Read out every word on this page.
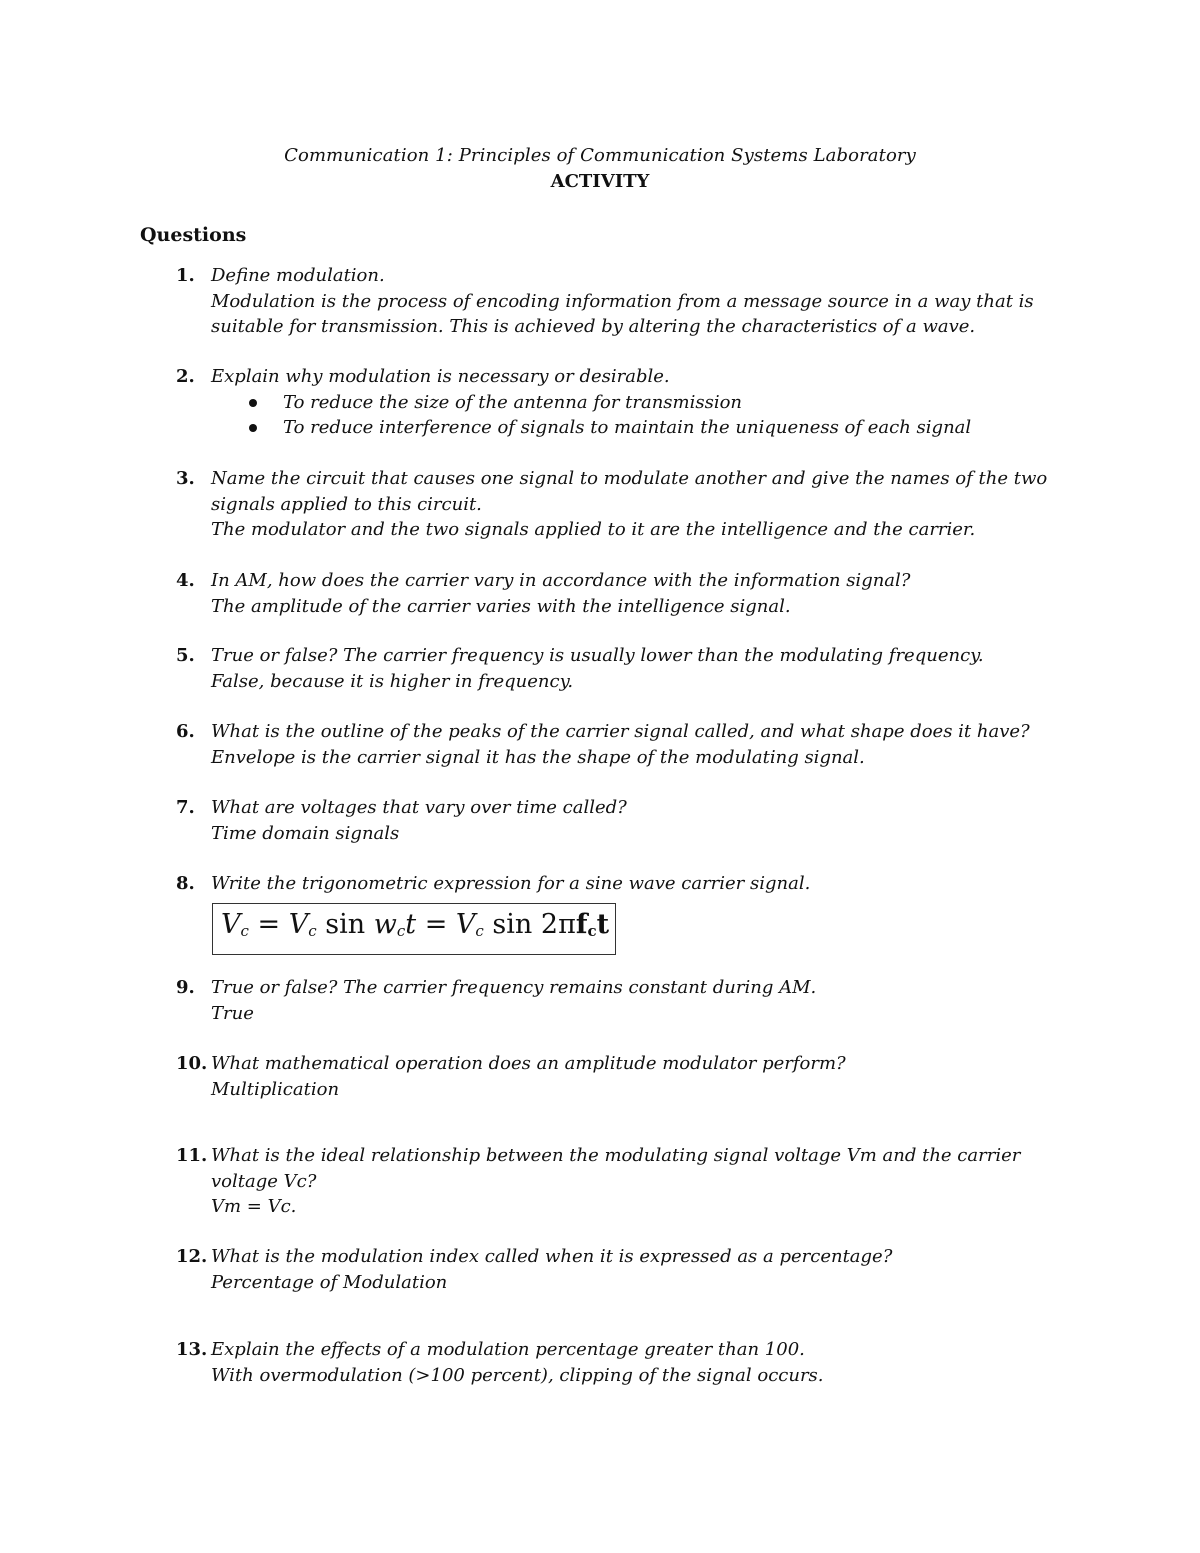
Communication 1: Principles of Communication Systems Laboratory
ACTIVITY
Questions
1. Define modulation.
Modulation is the process of encoding information from a message source in a way that is
suitable for transmission. This is achieved by altering the characteristics of a wave.
2. Explain why modulation is necessary or desirable.
To reduce the size of the antenna for transmission
To reduce interference of signals to maintain the uniqueness of each signal
3. Name the circuit that causes one signal to modulate another and give the names of the two
signals applied to this circuit.
The modulator and the two signals applied to it are the intelligence and the carrier.
4. In AM, how does the carrier vary in accordance with the information signal?
The amplitude of the carrier varies with the intelligence signal.
5. True or false? The carrier frequency is usually lower than the modulating frequency.
False, because it is higher in frequency.
6. What is the outline of the peaks of the carrier signal called, and what shape does it have?
Envelope is the carrier signal it has the shape of the modulating signal.
7. What are voltages that vary over time called?
Time domain signals
8. Write the trigonometric expression for a sine wave carrier signal.
$V_c = V_c$ $\sin w_ct = V_c$ $\sin 2\pi f_ct$
9. True or false? The carrier frequency remains constant during AM.
True
10. What mathematical operation does an amplitude modulator perform?
Multiplication
11. What is the ideal relationship between the modulating signal voltage Vm and the carrier
voltage Vc?
Vm = Vc.
12. What is the modulation index called when it is expressed as a percentage?
Percentage of Modulation
13. Explain the effects of a modulation percentage greater than 100.
With overmodulation (>100 percent), clipping of the signal occurs.
